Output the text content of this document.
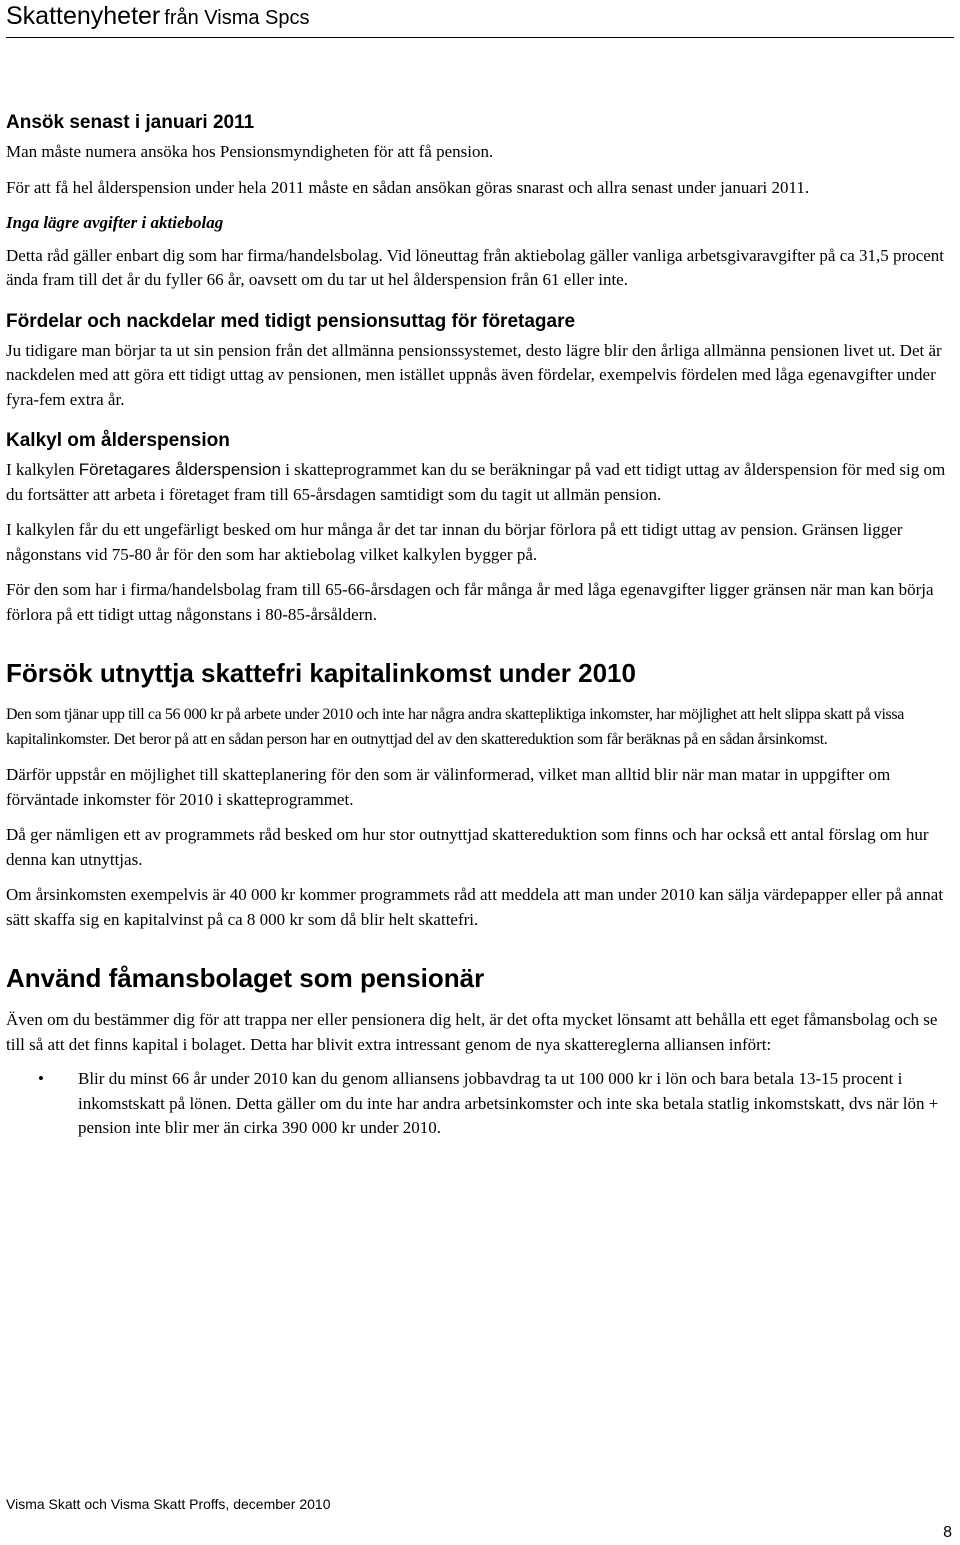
Skattenyheter från Visma Spcs
Ansök senast i januari 2011

Man måste numera ansöka hos Pensionsmyndigheten för att få pension.

För att få hel ålderspension under hela 2011 måste en sådan ansökan göras snarast och allra senast under januari 2011.

Inga lägre avgifter i aktiebolag

Detta råd gäller enbart dig som har firma/handelsbolag. Vid löneuttag från aktiebolag gäller vanliga arbetsgivaravgifter på ca 31,5 procent ända fram till det år du fyller 66 år, oavsett om du tar ut hel ålderspension från 61 eller inte.

Fördelar och nackdelar med tidigt pensionsuttag för företagare

Ju tidigare man börjar ta ut sin pension från det allmänna pensionssystemet, desto lägre blir den årliga allmänna pensionen livet ut. Det är nackdelen med att göra ett tidigt uttag av pensionen, men istället uppnås även fördelar, exempelvis fördelen med låga egenavgifter under fyra-fem extra år.

Kalkyl om ålderspension

I kalkylen Företagares ålderspension i skatteprogrammet kan du se beräkningar på vad ett tidigt uttag av ålderspension för med sig om du fortsätter att arbeta i företaget fram till 65-årsdagen samtidigt som du tagit ut allmän pension.

I kalkylen får du ett ungefärligt besked om hur många år det tar innan du börjar förlora på ett tidigt uttag av pension. Gränsen ligger någonstans vid 75-80 år för den som har aktiebolag vilket kalkylen bygger på.

För den som har i firma/handelsbolag fram till 65-66-årsdagen och får många år med låga egenavgifter ligger gränsen när man kan börja förlora på ett tidigt uttag någonstans i 80-85-årsåldern.

Försök utnyttja skattefri kapitalinkomst under 2010

Den som tjänar upp till ca 56 000 kr på arbete under 2010 och inte har några andra skattepliktiga inkomster, har möjlighet att helt slippa skatt på vissa kapitalinkomster. Det beror på att en sådan person har en outnyttjad del av den skattereduktion som får beräknas på en sådan årsinkomst.

Därför uppstår en möjlighet till skatteplanering för den som är välinformerad, vilket man alltid blir när man matar in uppgifter om förväntade inkomster för 2010 i skatteprogrammet.

Då ger nämligen ett av programmets råd besked om hur stor outnyttjad skattereduktion som finns och har också ett antal förslag om hur denna kan utnyttjas.

Om årsinkomsten exempelvis är 40 000 kr kommer programmets råd att meddela att man under 2010 kan sälja värdepapper eller på annat sätt skaffa sig en kapitalvinst på ca 8 000 kr som då blir helt skattefri.

Använd fåmansbolaget som pensionär

Även om du bestämmer dig för att trappa ner eller pensionera dig helt, är det ofta mycket lönsamt att behålla ett eget fåmansbolag och se till så att det finns kapital i bolaget. Detta har blivit extra intressant genom de nya skattereglerna alliansen infört:

• Blir du minst 66 år under 2010 kan du genom alliansens jobbavdrag ta ut 100 000 kr i lön och bara betala 13-15 procent i inkomstskatt på lönen. Detta gäller om du inte har andra arbetsinkomster och inte ska betala statlig inkomstskatt, dvs när lön + pension inte blir mer än cirka 390 000 kr under 2010.
Visma Skatt och Visma Skatt Proffs, december 2010
8
